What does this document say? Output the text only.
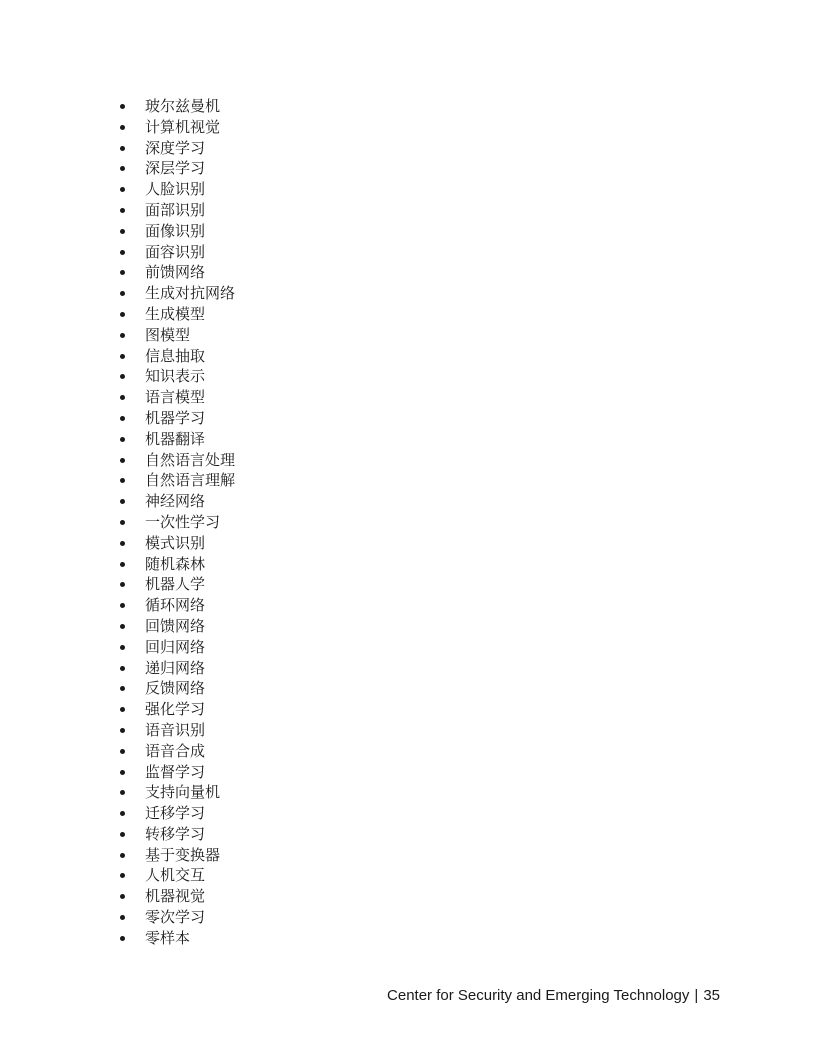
玻尔兹曼机
计算机视觉
深度学习
深层学习
人脸识别
面部识别
面像识别
面容识别
前馈网络
生成对抗网络
生成模型
图模型
信息抽取
知识表示
语言模型
机器学习
机器翻译
自然语言处理
自然语言理解
神经网络
一次性学习
模式识别
随机森林
机器人学
循环网络
回馈网络
回归网络
递归网络
反馈网络
强化学习
语音识别
语音合成
监督学习
支持向量机
迁移学习
转移学习
基于变换器
人机交互
机器视觉
零次学习
零样本
Center for Security and Emerging Technology | 35
